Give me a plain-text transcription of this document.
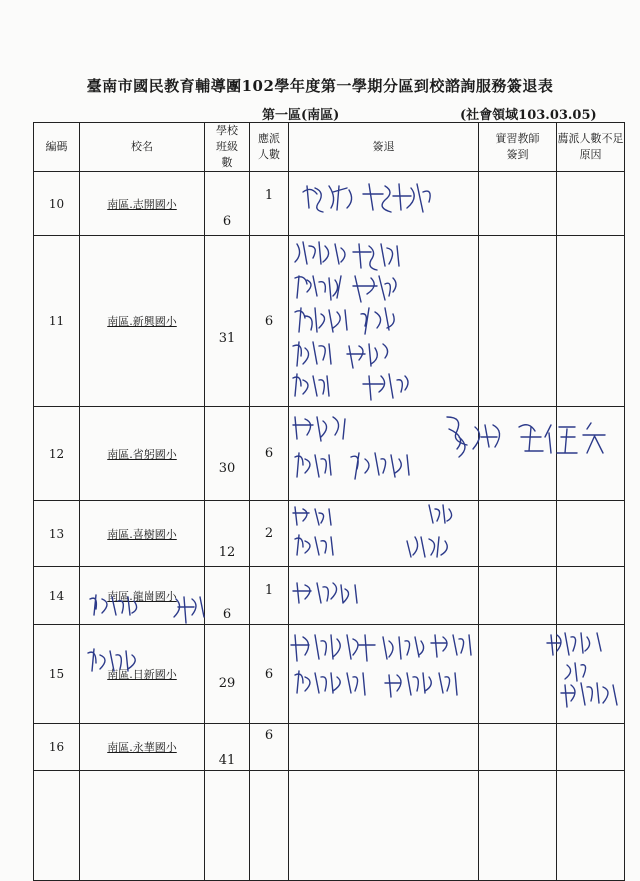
臺南市國民教育輔導團102學年度第一學期分區到校諮詢服務簽退表
第一區(南區)	(社會領域103.03.05)
編碼	校名	學校班級數	應派人數	簽退	實習教師簽到	薦派人數不足原因
10	南區.志開國小	6	1	

11	南區.新興國小	31	6	

12	南區.省躬國小	30	6	

13	南區.喜樹國小	12	2	

14	南區.龍崗國小	6	1	

15	南區.日新國小	29	6	

16	南區.永華國小	41	6			
